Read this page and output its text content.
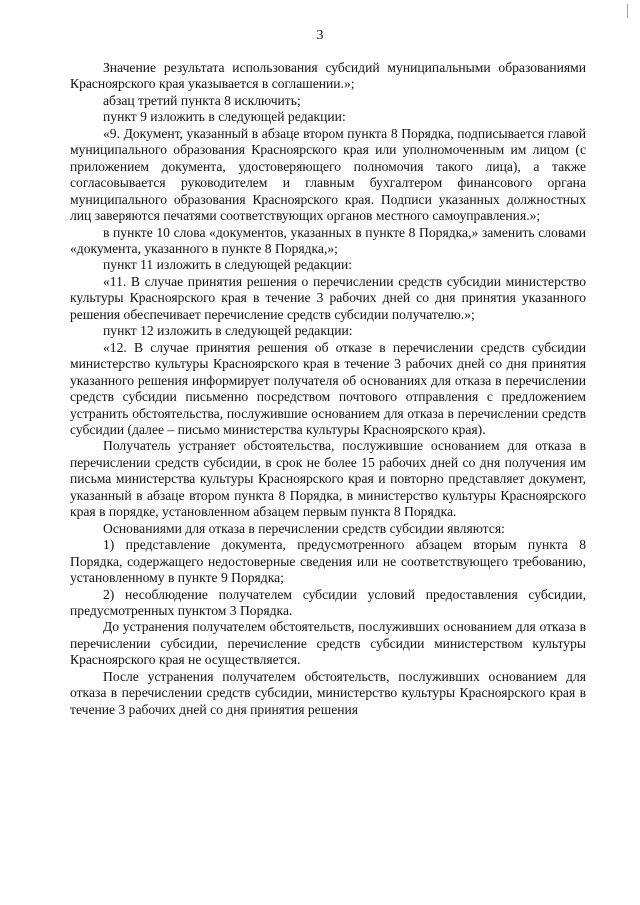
3

Значение результата использования субсидий муниципальными образованиями Красноярского края указывается в соглашении.»;

абзац третий пункта 8 исключить;

пункт 9 изложить в следующей редакции:

«9. Документ, указанный в абзаце втором пункта 8 Порядка, подписывается главой муниципального образования Красноярского края или уполномоченным им лицом (с приложением документа, удостоверяющего полномочия такого лица), а также согласовывается руководителем и главным бухгалтером финансового органа муниципального образования Красноярского края. Подписи указанных должностных лиц заверяются печатями соответствующих органов местного самоуправления.»;

в пункте 10 слова «документов, указанных в пункте 8 Порядка,» заменить словами «документа, указанного в пункте 8 Порядка,»;

пункт 11 изложить в следующей редакции:

«11. В случае принятия решения о перечислении средств субсидии министерство культуры Красноярского края в течение 3 рабочих дней со дня принятия указанного решения обеспечивает перечисление средств субсидии получателю.»;

пункт 12 изложить в следующей редакции:

«12. В случае принятия решения об отказе в перечислении средств субсидии министерство культуры Красноярского края в течение 3 рабочих дней со дня принятия указанного решения информирует получателя об основаниях для отказа в перечислении средств субсидии письменно посредством почтового отправления с предложением устранить обстоятельства, послужившие основанием для отказа в перечислении средств субсидии (далее – письмо министерства культуры Красноярского края).

Получатель устраняет обстоятельства, послужившие основанием для отказа в перечислении средств субсидии, в срок не более 15 рабочих дней со дня получения им письма министерства культуры Красноярского края и повторно представляет документ, указанный в абзаце втором пункта 8 Порядка, в министерство культуры Красноярского края в порядке, установленном абзацем первым пункта 8 Порядка.

Основаниями для отказа в перечислении средств субсидии являются:

1) представление документа, предусмотренного абзацем вторым пункта 8 Порядка, содержащего недостоверные сведения или не соответствующего требованию, установленному в пункте 9 Порядка;

2) несоблюдение получателем субсидии условий предоставления субсидии, предусмотренных пунктом 3 Порядка.

До устранения получателем обстоятельств, послуживших основанием для отказа в перечислении субсидии, перечисление средств субсидии министерством культуры Красноярского края не осуществляется.

После устранения получателем обстоятельств, послуживших основанием для отказа в перечислении средств субсидии, министерство культуры Красноярского края в течение 3 рабочих дней со дня принятия решения
